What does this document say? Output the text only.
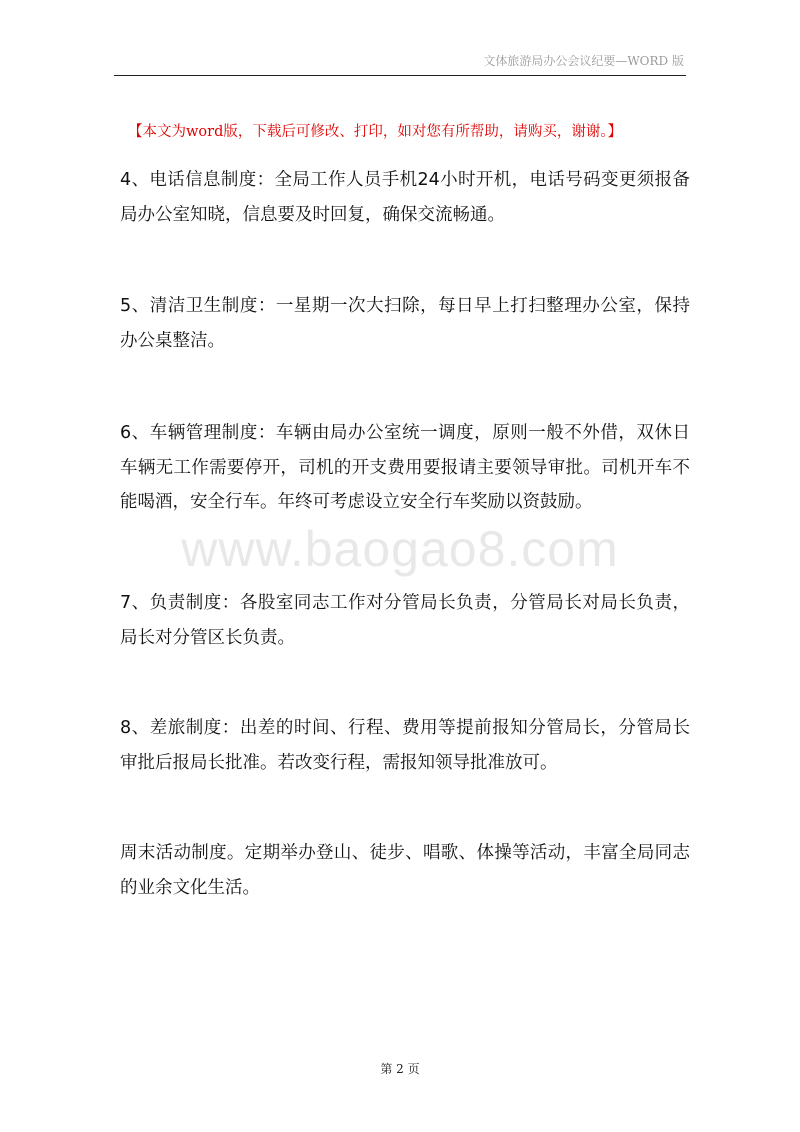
文体旅游局办公会议纪要—WORD 版
【本文为word版，下载后可修改、打印，如对您有所帮助，请购买，谢谢。】

4、电话信息制度：全局工作人员手机24小时开机，电话号码变更须报备局办公室知晓，信息要及时回复，确保交流畅通。

5、清洁卫生制度：一星期一次大扫除，每日早上打扫整理办公室，保持办公桌整洁。

6、车辆管理制度：车辆由局办公室统一调度，原则一般不外借，双休日车辆无工作需要停开，司机的开支费用要报请主要领导审批。司机开车不能喝酒，安全行车。年终可考虑设立安全行车奖励以资鼓励。

7、负责制度：各股室同志工作对分管局长负责，分管局长对局长负责，局长对分管区长负责。

8、差旅制度：出差的时间、行程、费用等提前报知分管局长，分管局长审批后报局长批准。若改变行程，需报知领导批准放可。

周末活动制度。定期举办登山、徒步、唱歌、体操等活动，丰富全局同志的业余文化生活。

www.baogao8.com
第 2 页
